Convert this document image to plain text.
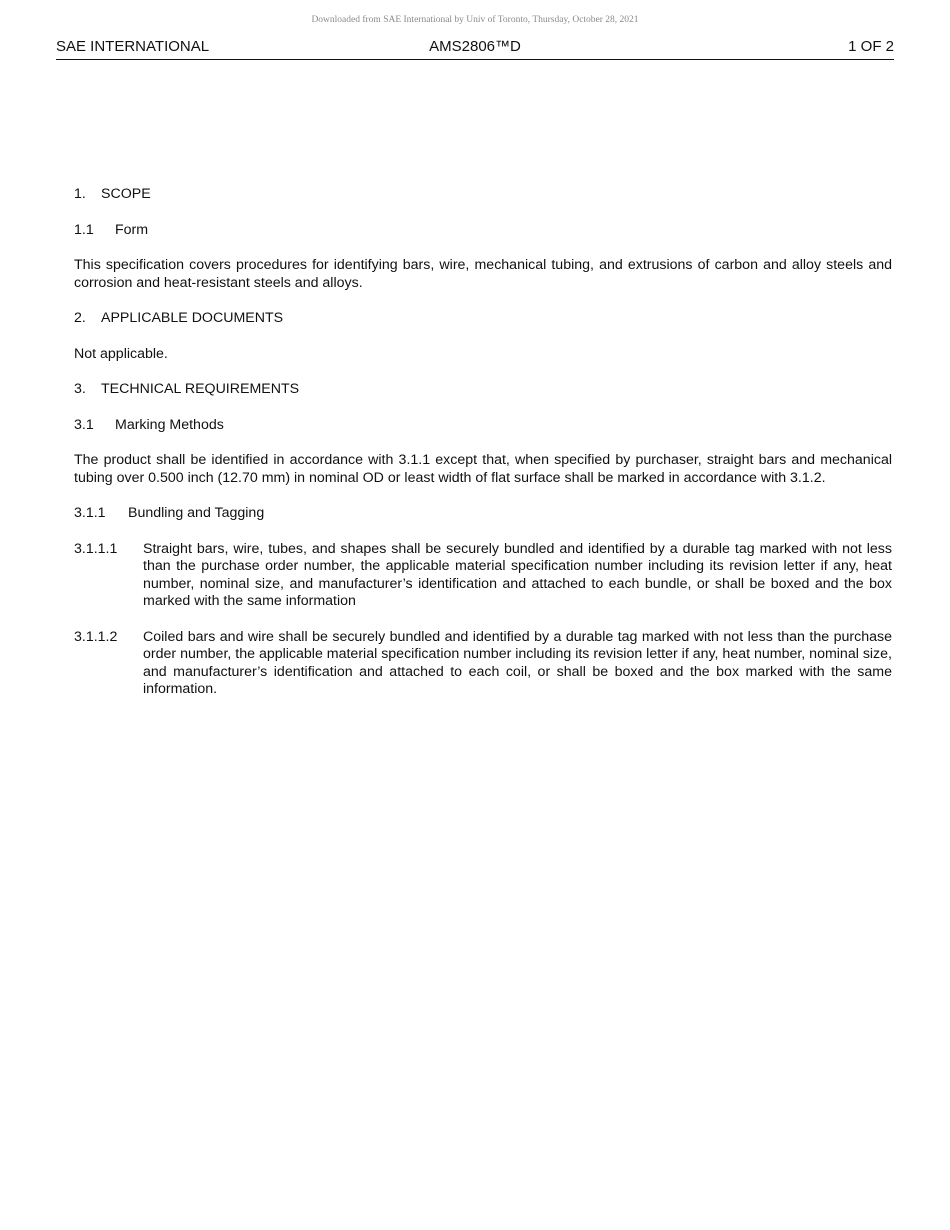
Downloaded from SAE International by Univ of Toronto, Thursday, October 28, 2021
SAE INTERNATIONAL	AMS2806™D	1 OF 2
1. SCOPE
1.1 Form
This specification covers procedures for identifying bars, wire, mechanical tubing, and extrusions of carbon and alloy steels and corrosion and heat-resistant steels and alloys.
2. APPLICABLE DOCUMENTS
Not applicable.
3. TECHNICAL REQUIREMENTS
3.1 Marking Methods
The product shall be identified in accordance with 3.1.1 except that, when specified by purchaser, straight bars and mechanical tubing over 0.500 inch (12.70 mm) in nominal OD or least width of flat surface shall be marked in accordance with 3.1.2.
3.1.1 Bundling and Tagging
3.1.1.1 Straight bars, wire, tubes, and shapes shall be securely bundled and identified by a durable tag marked with not less than the purchase order number, the applicable material specification number including its revision letter if any, heat number, nominal size, and manufacturer’s identification and attached to each bundle, or shall be boxed and the box marked with the same information
3.1.1.2 Coiled bars and wire shall be securely bundled and identified by a durable tag marked with not less than the purchase order number, the applicable material specification number including its revision letter if any, heat number, nominal size, and manufacturer’s identification and attached to each coil, or shall be boxed and the box marked with the same information.
